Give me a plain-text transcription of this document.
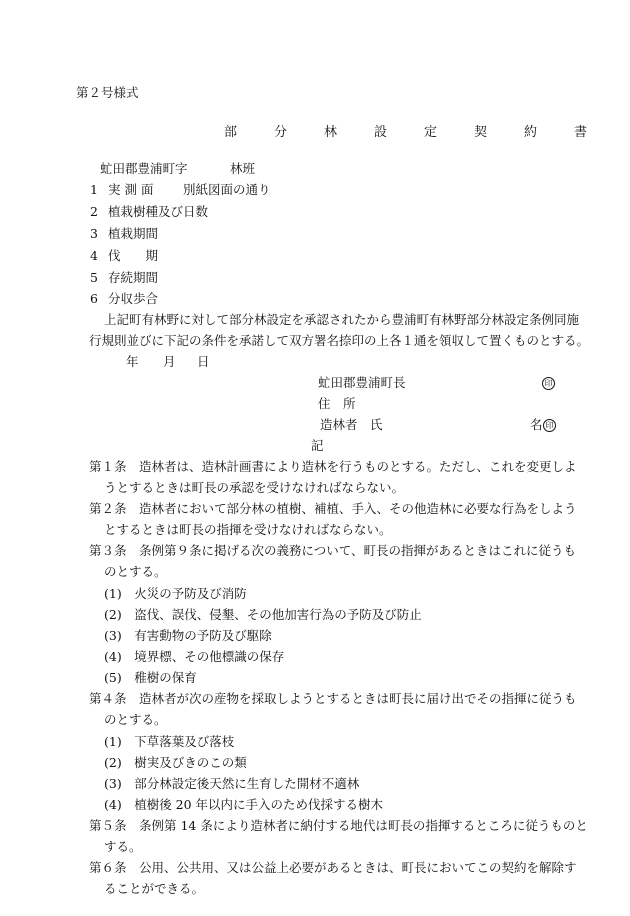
第２号様式
部　分　林　設　定　契　約　書
虻田郡豊浦町字	林班
1 実 測 面 別紙図面の通り
2 植栽樹種及び日数
3 植栽期間
4 伐　　期
5 存続期間
6 分収歩合
上記町有林野に対して部分林設定を承認されたから豊浦町有林野部分林設定条例同施
行規則並びに下記の条件を承諾して双方署名捺印の上各１通を領収して置くものとする。
年 月 日
虻田郡豊浦町長	印
住　所
造林者　氏	名 印
記
第１条　造林者は、造林計画書により造林を行うものとする。ただし、これを変更しよ
うとするときは町長の承認を受けなければならない。
第２条　造林者において部分林の植樹、補植、手入、その他造林に必要な行為をしよう
とするときは町長の指揮を受けなければならない。
第３条　条例第９条に掲げる次の義務について、町長の指揮があるときはこれに従うも
のとする。
(1)　火災の予防及び消防
(2)　盗伐、誤伐、侵墾、その他加害行為の予防及び防止
(3)　有害動物の予防及び駆除
(4)　境界標、その他標識の保存
(5)　稚樹の保育
第４条　造林者が次の産物を採取しようとするときは町長に届け出でその指揮に従うも
のとする。
(1)　下草落葉及び落枝
(2)　樹実及びきのこの類
(3)　部分林設定後天然に生育した開材不適林
(4)　植樹後 20 年以内に手入のため伐採する樹木
第５条　条例第 14 条により造林者に納付する地代は町長の指揮するところに従うものと
する。
第６条　公用、公共用、又は公益上必要があるときは、町長においてこの契約を解除す
ることができる。
